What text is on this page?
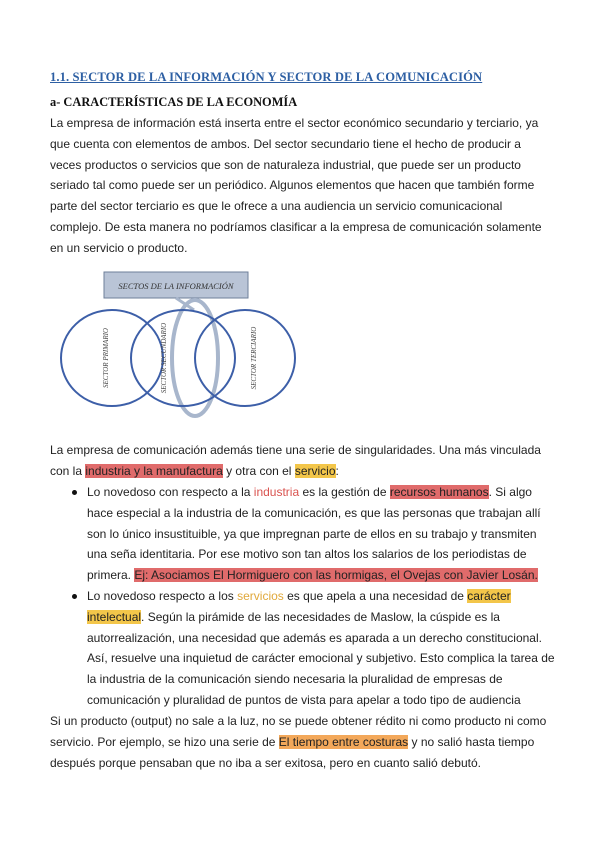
1.1. SECTOR DE LA INFORMACIÓN Y SECTOR DE LA COMUNICACIÓN
a- CARACTERÍSTICAS DE LA ECONOMÍA
La empresa de información está inserta entre el sector económico secundario y terciario, ya
que cuenta con elementos de ambos. Del sector secundario tiene el hecho de producir a
veces productos o servicios que son de naturaleza industrial, que puede ser un producto
seriado tal como puede ser un periódico. Algunos elementos que hacen que también forme
parte del sector terciario es que le ofrece a una audiencia un servicio comunicacional
complejo. De esta manera no podríamos clasificar a la empresa de comunicación solamente
en un servicio o producto.
SECTOS DE LA INFORMACIÓN
SECTOR PRIMARIO	SECTOR SECUNDARIO	SECTOR TERCIARIO
La empresa de comunicación además tiene una serie de singularidades. Una más vinculada
con la industria y la manufactura y otra con el servicio:
Lo novedoso con respecto a la industria es la gestión de recursos humanos. Si algo
hace especial a la industria de la comunicación, es que las personas que trabajan allí
son lo único insustituible, ya que impregnan parte de ellos en su trabajo y transmiten
una seña identitaria. Por ese motivo son tan altos los salarios de los periodistas de
primera. Ej: Asociamos El Hormiguero con las hormigas, el Ovejas con Javier Losán.
Lo novedoso respecto a los servicios es que apela a una necesidad de carácter
intelectual. Según la pirámide de las necesidades de Maslow, la cúspide es la
autorrealización, una necesidad que además es aparada a un derecho constitucional.
Así, resuelve una inquietud de carácter emocional y subjetivo. Esto complica la tarea de
la industria de la comunicación siendo necesaria la pluralidad de empresas de
comunicación y pluralidad de puntos de vista para apelar a todo tipo de audiencia
Si un producto (output) no sale a la luz, no se puede obtener rédito ni como producto ni como
servicio. Por ejemplo, se hizo una serie de El tiempo entre costuras y no salió hasta tiempo
después porque pensaban que no iba a ser exitosa, pero en cuanto salió debutó.
